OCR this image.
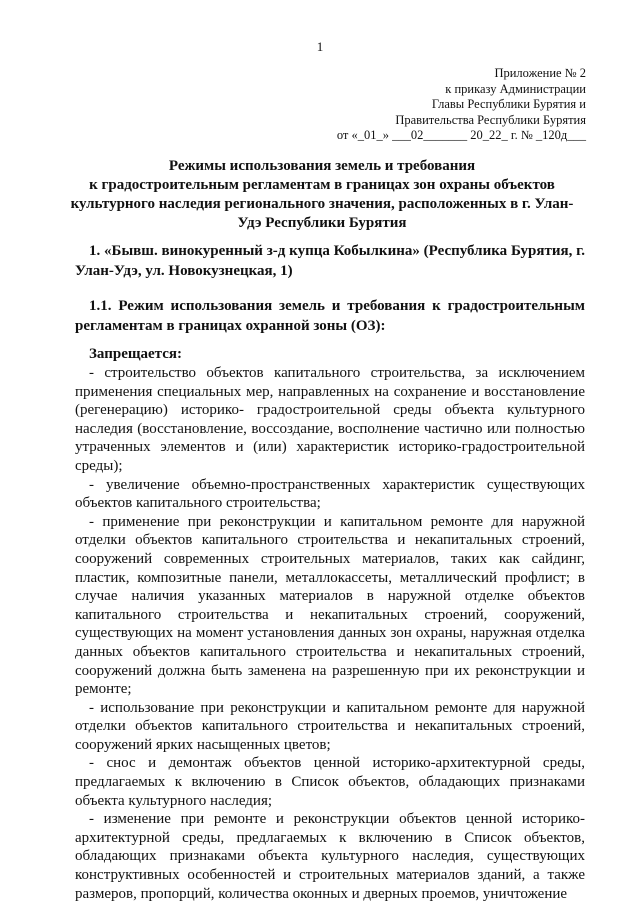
1
Приложение № 2
к приказу Администрации
Главы Республики Бурятия и
Правительства Республики Бурятия
от «_01_» ___02_______ 20_22_ г. № _120д___
Режимы использования земель и требования
к градостроительным регламентам в границах зон охраны объектов
культурного наследия регионального значения, расположенных в г. Улан-
Удэ Республики Бурятия
1. «Бывш. винокуренный з-д купца Кобылкина» (Республика Бурятия, г. Улан-Удэ, ул. Новокузнецкая, 1)
1.1. Режим использования земель и требования к градостроительным регламентам в границах охранной зоны (ОЗ):
Запрещается:

- строительство объектов капитального строительства, за исключением применения специальных мер, направленных на сохранение и восстановление (регенерацию) историко- градостроительной среды объекта культурного наследия (восстановление, воссоздание, восполнение частично или полностью утраченных элементов и (или) характеристик историко-градостроительной среды);

- увеличение объемно-пространственных характеристик существующих объектов капитального строительства;

- применение при реконструкции и капитальном ремонте для наружной отделки объектов капитального строительства и некапитальных строений, сооружений современных строительных материалов, таких как сайдинг, пластик, композитные панели, металлокассеты, металлический профлист; в случае наличия указанных материалов в наружной отделке объектов капитального строительства и некапитальных строений, сооружений, существующих на момент установления данных зон охраны, наружная отделка данных объектов капитального строительства и некапитальных строений, сооружений должна быть заменена на разрешенную при их реконструкции и ремонте;

- использование при реконструкции и капитальном ремонте для наружной отделки объектов капитального строительства и некапитальных строений, сооружений ярких насыщенных цветов;

- снос и демонтаж объектов ценной историко-архитектурной среды, предлагаемых к включению в Список объектов, обладающих признаками объекта культурного наследия;

- изменение при ремонте и реконструкции объектов ценной историко-архитектурной среды, предлагаемых к включению в Список объектов, обладающих признаками объекта культурного наследия, существующих конструктивных особенностей и строительных материалов зданий, а также размеров, пропорций, количества оконных и дверных проемов, уничтожение
